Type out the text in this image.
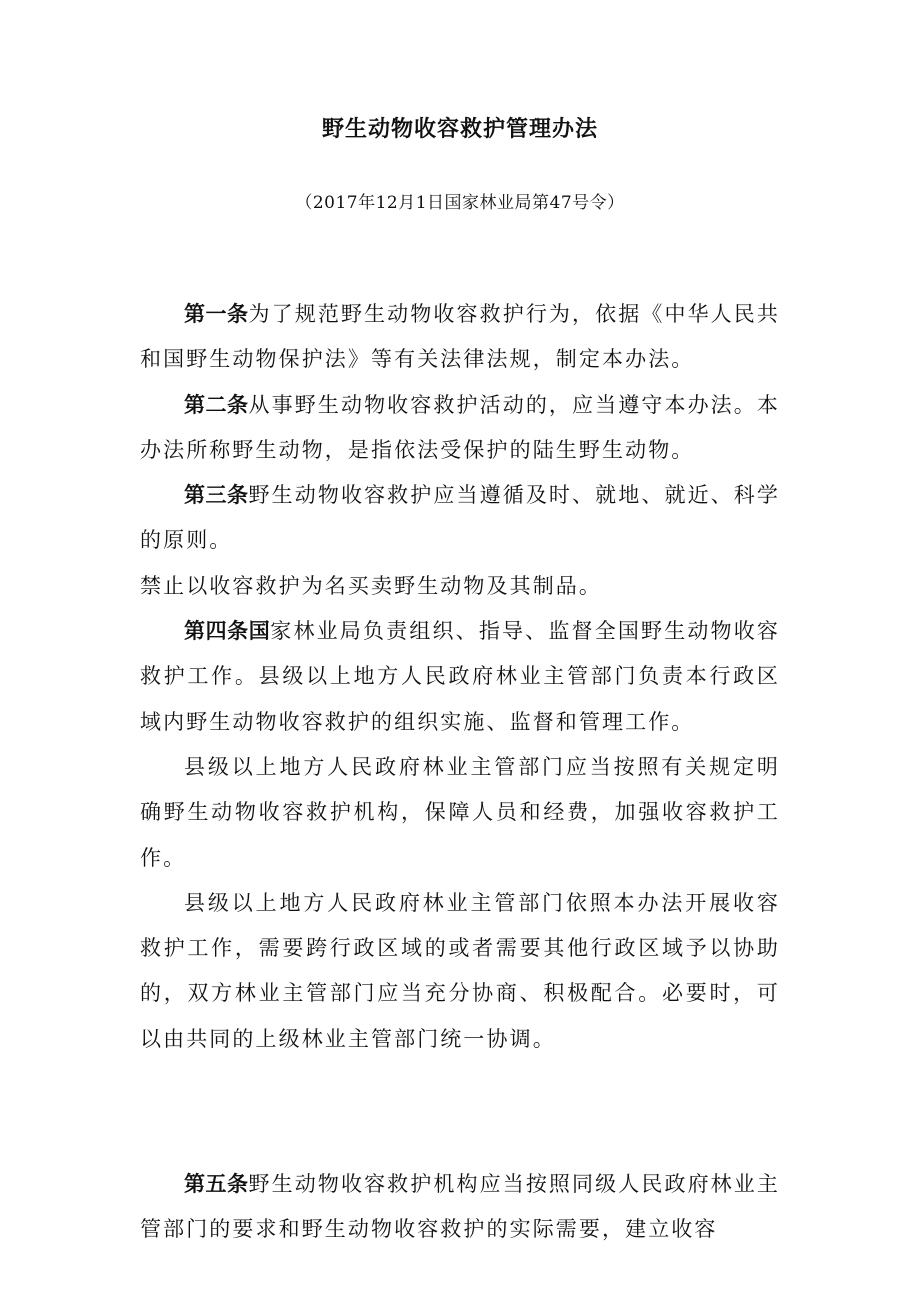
野生动物收容救护管理办法
（2017年12月1日国家林业局第47号令）

第一条为了规范野生动物收容救护行为，依据《中华人民共和国野生动物保护法》等有关法律法规，制定本办法。

第二条从事野生动物收容救护活动的，应当遵守本办法。本办法所称野生动物，是指依法受保护的陆生野生动物。

第三条野生动物收容救护应当遵循及时、就地、就近、科学的原则。

禁止以收容救护为名买卖野生动物及其制品。

第四条国家林业局负责组织、指导、监督全国野生动物收容救护工作。县级以上地方人民政府林业主管部门负责本行政区域内野生动物收容救护的组织实施、监督和管理工作。

县级以上地方人民政府林业主管部门应当按照有关规定明确野生动物收容救护机构，保障人员和经费，加强收容救护工作。

县级以上地方人民政府林业主管部门依照本办法开展收容救护工作，需要跨行政区域的或者需要其他行政区域予以协助的，双方林业主管部门应当充分协商、积极配合。必要时，可以由共同的上级林业主管部门统一协调。

第五条野生动物收容救护机构应当按照同级人民政府林业主管部门的要求和野生动物收容救护的实际需要，建立收容
